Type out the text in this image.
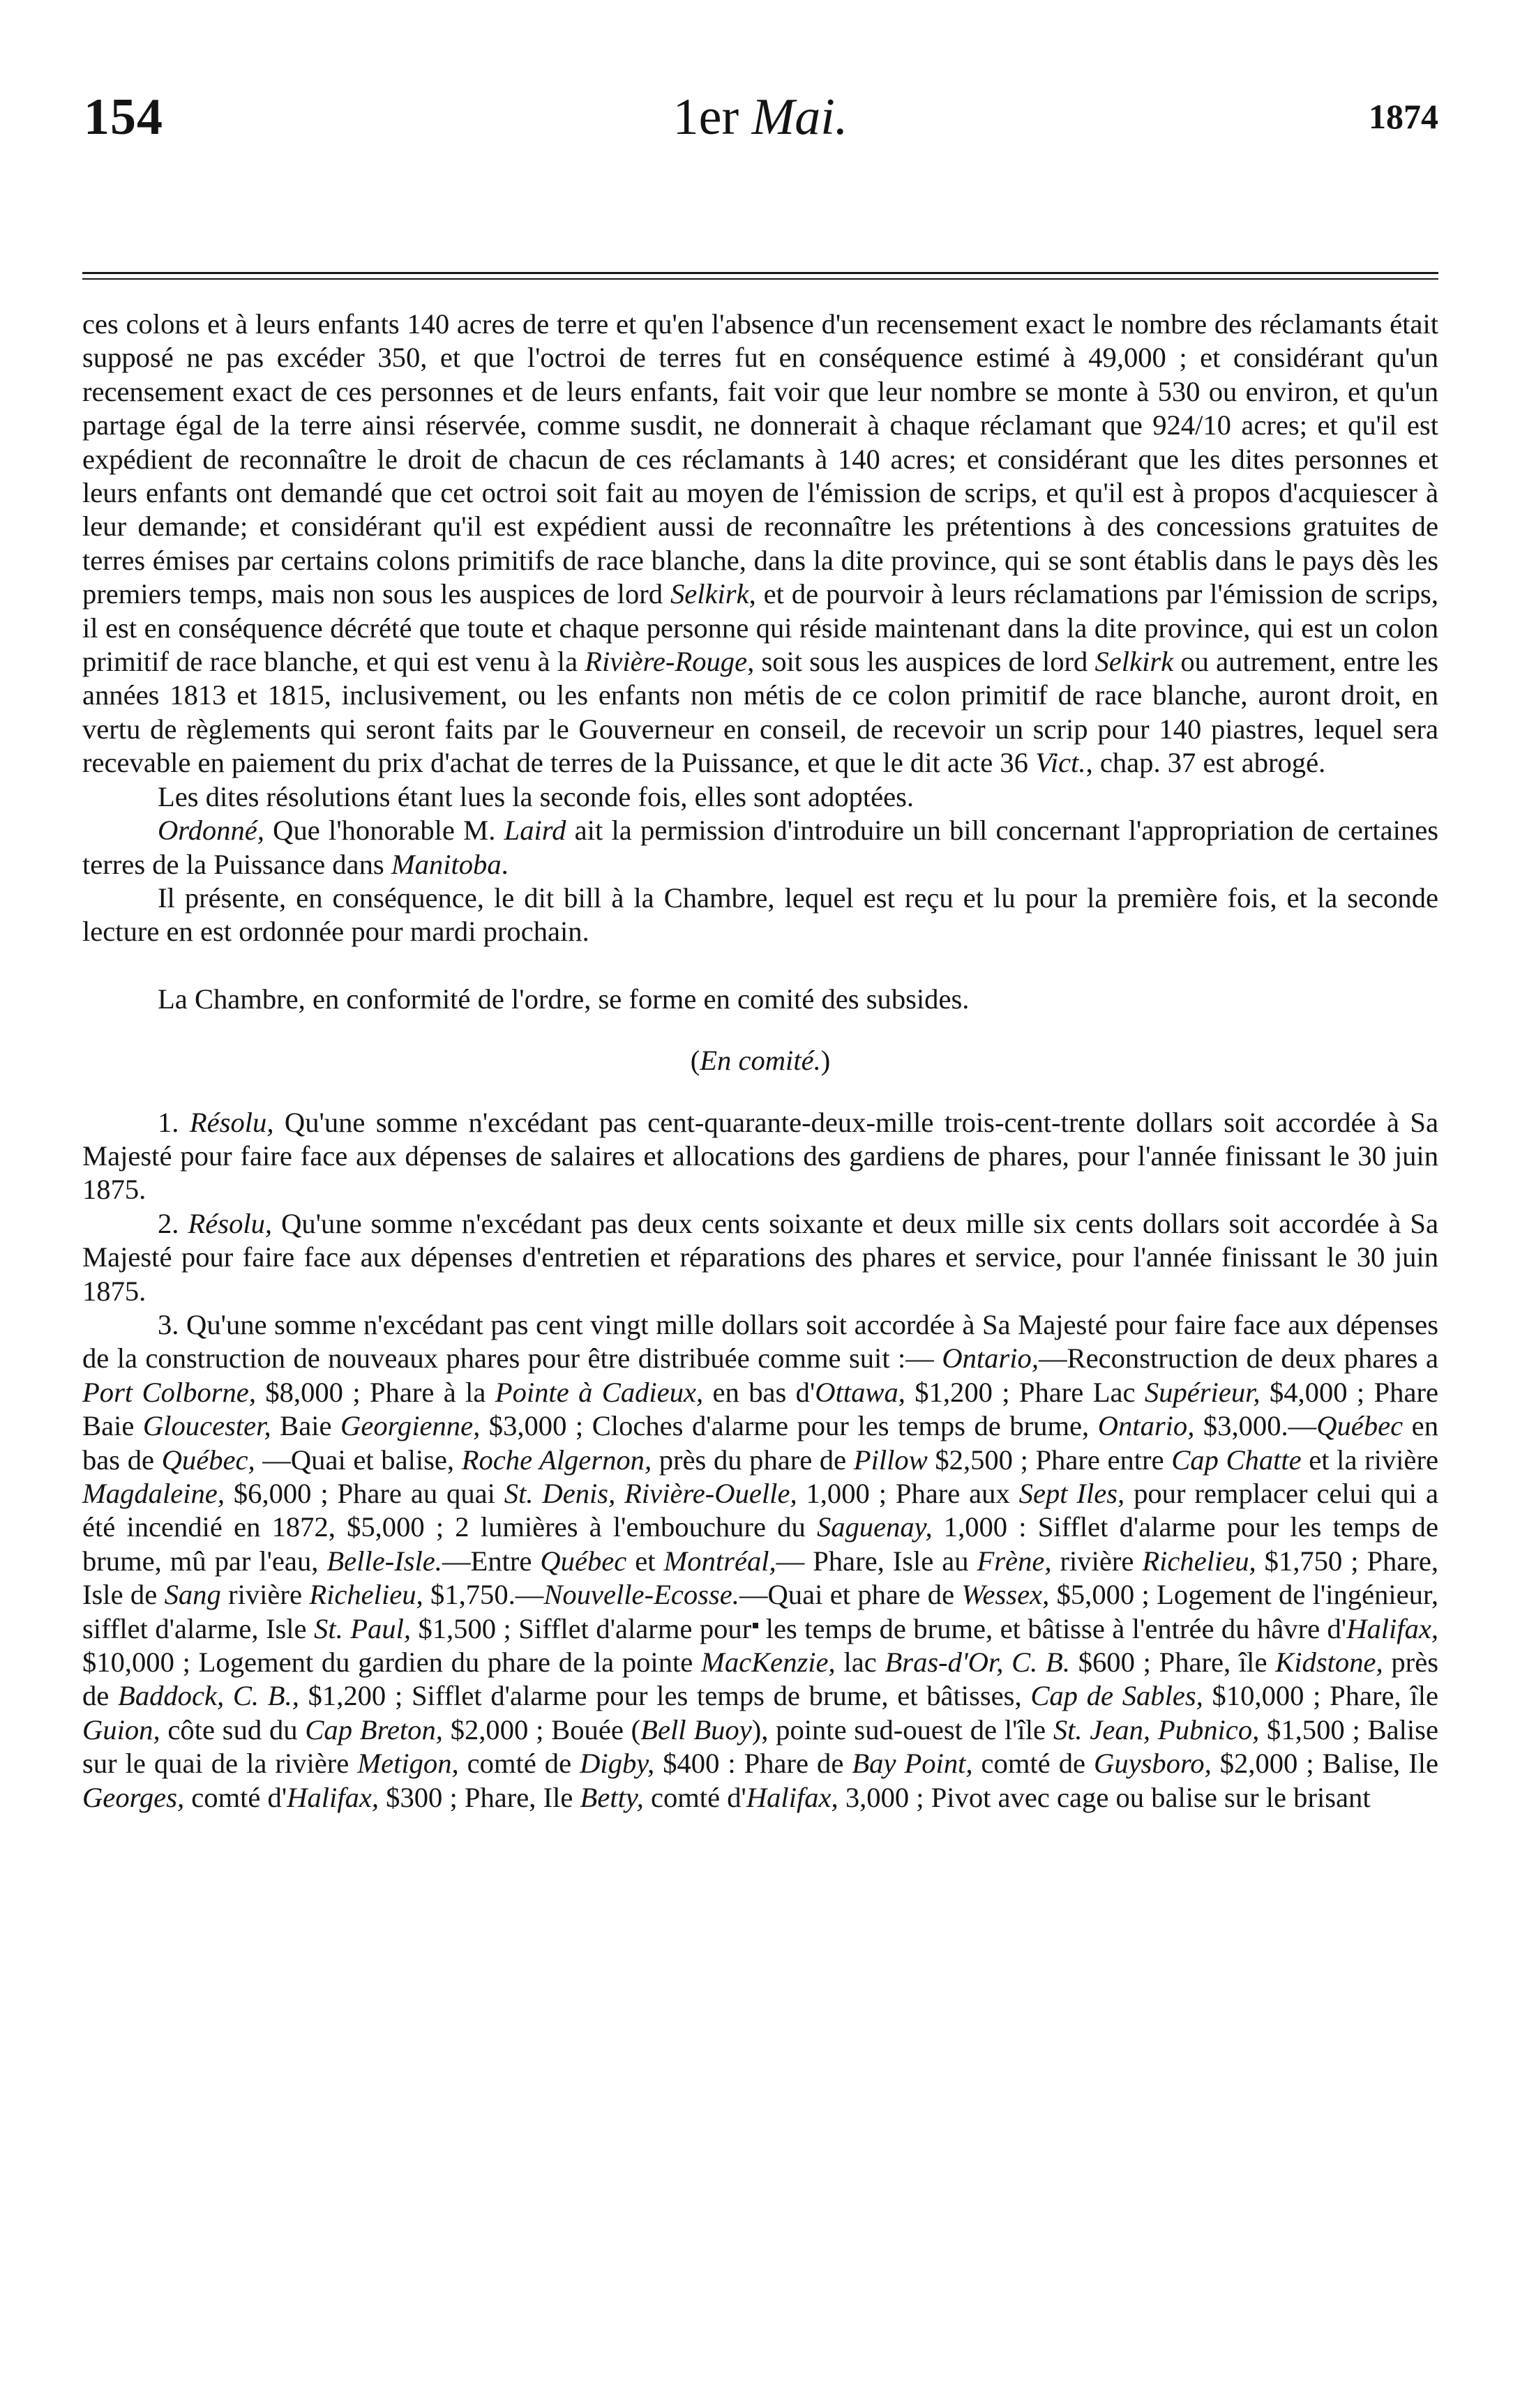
154	1er Mai.	1874

ces colons et à leurs enfants 140 acres de terre et qu'en l'absence d'un recensement exact le nombre des réclamants était supposé ne pas excéder 350, et que l'octroi de terres fut en conséquence estimé à 49,000 ; et considérant qu'un recensement exact de ces personnes et de leurs enfants, fait voir que leur nombre se monte à 530 ou environ, et qu'un partage égal de la terre ainsi réservée, comme susdit, ne donnerait à chaque réclamant que 924/10 acres; et qu'il est expédient de reconnaître le droit de chacun de ces réclamants à 140 acres; et considérant que les dites personnes et leurs enfants ont demandé que cet octroi soit fait au moyen de l'émission de scrips, et qu'il est à propos d'acquiescer à leur demande; et considérant qu'il est expédient aussi de reconnaître les prétentions à des concessions gratuites de terres émises par certains colons primitifs de race blanche, dans la dite province, qui se sont établis dans le pays dès les premiers temps, mais non sous les auspices de lord Selkirk, et de pourvoir à leurs réclamations par l'émission de scrips, il est en conséquence décrété que toute et chaque personne qui réside maintenant dans la dite province, qui est un colon primitif de race blanche, et qui est venu à la Rivière-Rouge, soit sous les auspices de lord Selkirk ou autrement, entre les années 1813 et 1815, inclusivement, ou les enfants non métis de ce colon primitif de race blanche, auront droit, en vertu de règlements qui seront faits par le Gouverneur en conseil, de recevoir un scrip pour 140 piastres, lequel sera recevable en paiement du prix d'achat de terres de la Puissance, et que le dit acte 36 Vict., chap. 37 est abrogé.

Les dites résolutions étant lues la seconde fois, elles sont adoptées.

Ordonné, Que l'honorable M. Laird ait la permission d'introduire un bill concernant l'appropriation de certaines terres de la Puissance dans Manitoba.

Il présente, en conséquence, le dit bill à la Chambre, lequel est reçu et lu pour la première fois, et la seconde lecture en est ordonnée pour mardi prochain.

La Chambre, en conformité de l'ordre, se forme en comité des subsides.

(En comité.)

1. Résolu, Qu'une somme n'excédant pas cent-quarante-deux-mille trois-cent-trente dollars soit accordée à Sa Majesté pour faire face aux dépenses de salaires et allocations des gardiens de phares, pour l'année finissant le 30 juin 1875.

2. Résolu, Qu'une somme n'excédant pas deux cents soixante et deux mille six cents dollars soit accordée à Sa Majesté pour faire face aux dépenses d'entretien et réparations des phares et service, pour l'année finissant le 30 juin 1875.

3. Qu'une somme n'excédant pas cent vingt mille dollars soit accordée à Sa Majesté pour faire face aux dépenses de la construction de nouveaux phares pour être distribuée comme suit :— Ontario,—Reconstruction de deux phares a Port Colborne, $8,000 ; Phare à la Pointe à Cadieux, en bas d'Ottawa, $1,200 ; Phare Lac Supérieur, $4,000 ; Phare Baie Gloucester, Baie Georgienne, $3,000 ; Cloches d'alarme pour les temps de brume, Ontario, $3,000.—Québec en bas de Québec, —Quai et balise, Roche Algernon, près du phare de Pillow $2,500 ; Phare entre Cap Chatte et la rivière Magdaleine, $6,000 ; Phare au quai St. Denis, Rivière-Ouelle, 1,000 ; Phare aux Sept Iles, pour remplacer celui qui a été incendié en 1872, $5,000 ; 2 lumières à l'embouchure du Saguenay, 1,000 : Sifflet d'alarme pour les temps de brume, mû par l'eau, Belle-Isle.—Entre Québec et Montréal,— Phare, Isle au Frène, rivière Richelieu, $1,750 ; Phare, Isle de Sang rivière Richelieu, $1,750.—Nouvelle-Ecosse.—Quai et phare de Wessex, $5,000 ; Logement de l'ingénieur, sifflet d'alarme, Isle St. Paul, $1,500 ; Sifflet d'alarme pour les temps de brume, et bâtisse à l'entrée du hâvre d'Halifax, $10,000 ; Logement du gardien du phare de la pointe MacKenzie, lac Bras-d'Or, C. B. $600 ; Phare, île Kidstone, près de Baddock, C. B., $1,200 ; Sifflet d'alarme pour les temps de brume, et bâtisses, Cap de Sables, $10,000 ; Phare, île Guion, côte sud du Cap Breton, $2,000 ; Bouée (Bell Buoy), pointe sud-ouest de l'île St. Jean, Pubnico, $1,500 ; Balise sur le quai de la rivière Metigon, comté de Digby, $400 : Phare de Bay Point, comté de Guysboro, $2,000 ; Balise, Ile Georges, comté d'Halifax, $300 ; Phare, Ile Betty, comté d'Halifax, 3,000 ; Pivot avec cage ou balise sur le brisant
